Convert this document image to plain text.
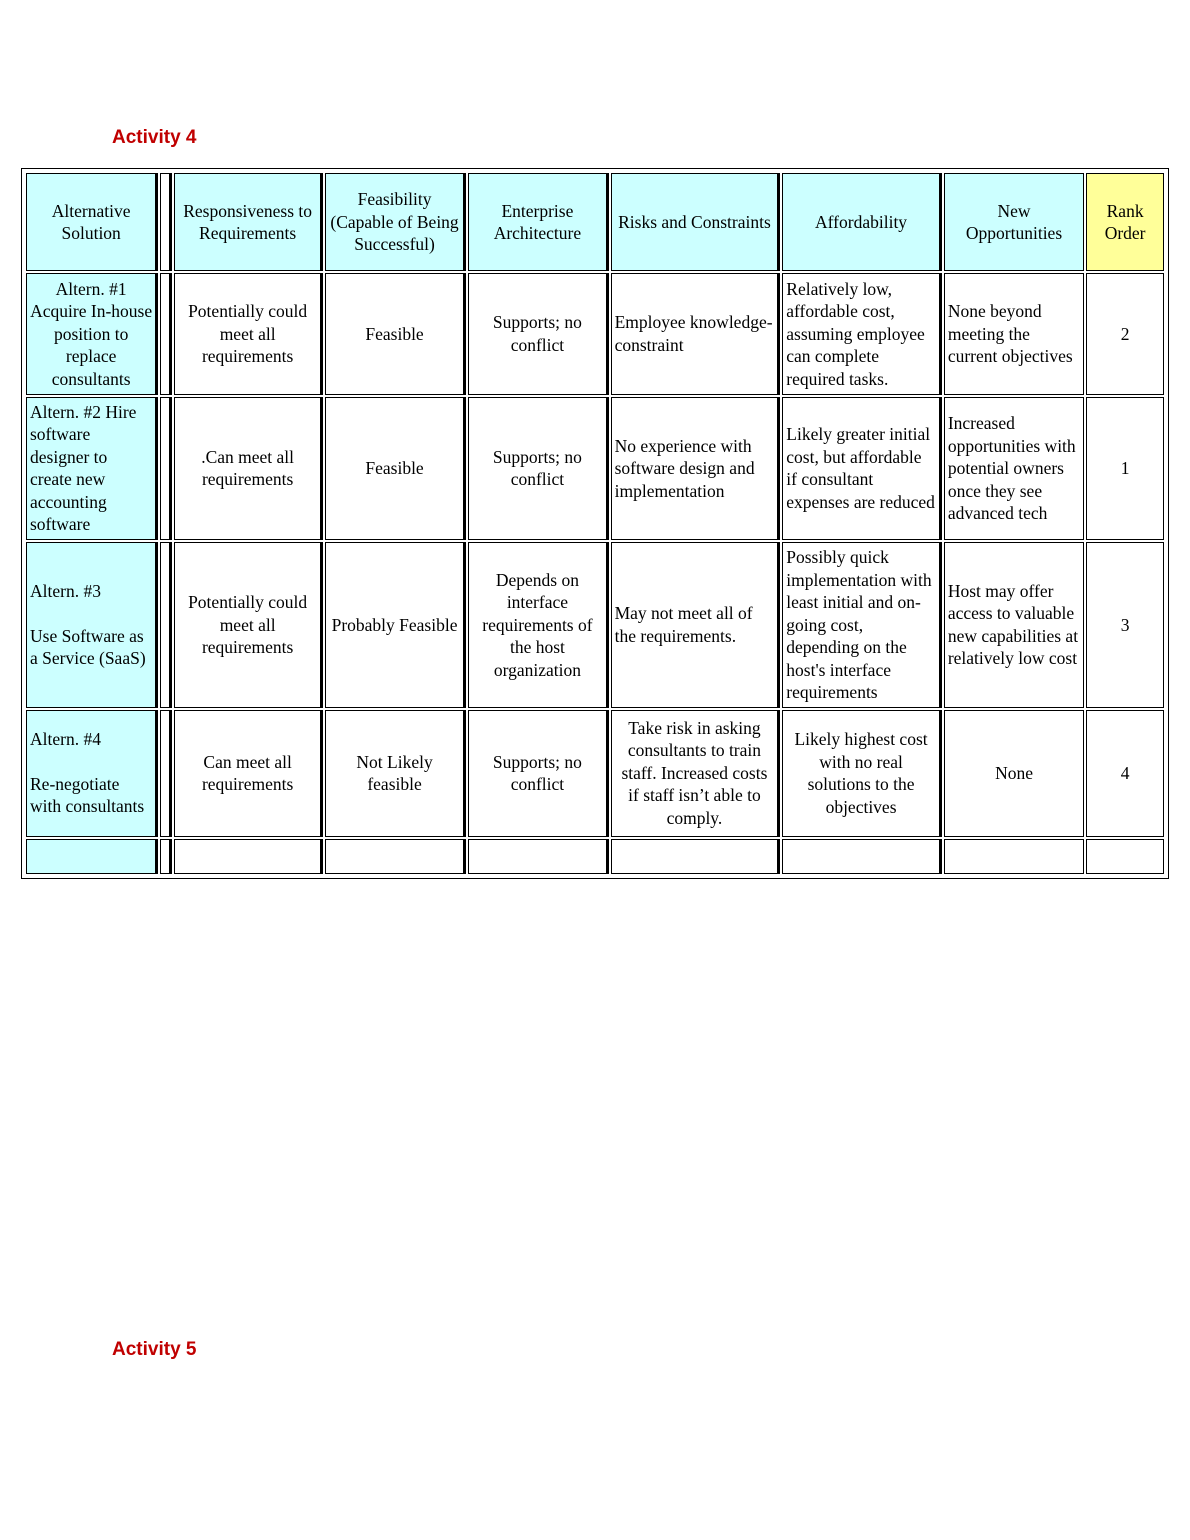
Activity 4
Alternative Solution		Responsiveness to Requirements	Feasibility (Capable of Being Successful)	Enterprise Architecture	Risks and Constraints	Affordability	New Opportunities	Rank Order
Altern. #1 Acquire In-house position to replace consultants		Potentially could meet all requirements	Feasible	Supports; no conflict	Employee knowledge-constraint	Relatively low, affordable cost, assuming employee can complete required tasks.	None beyond meeting the current objectives	2
Altern. #2 Hire software designer to create new accounting software		.Can meet all requirements	Feasible	Supports; no conflict	No experience with software design and implementation	Likely greater initial cost, but affordable if consultant expenses are reduced	Increased opportunities with potential owners once they see advanced tech	1
Altern. #3
Use Software as a Service (SaaS)		Potentially could meet all requirements	Probably Feasible	Depends on interface requirements of the host organization	May not meet all of the requirements.	Possibly quick implementation with least initial and on-going cost, depending on the host's interface requirements	Host may offer access to valuable new capabilities at relatively low cost	3
Altern. #4
Re-negotiate with consultants		Can meet all requirements	Not Likely feasible	Supports; no conflict	Take risk in asking consultants to train staff. Increased costs if staff isn’t able to comply.	Likely highest cost with no real solutions to the objectives	None	4

Activity 5
